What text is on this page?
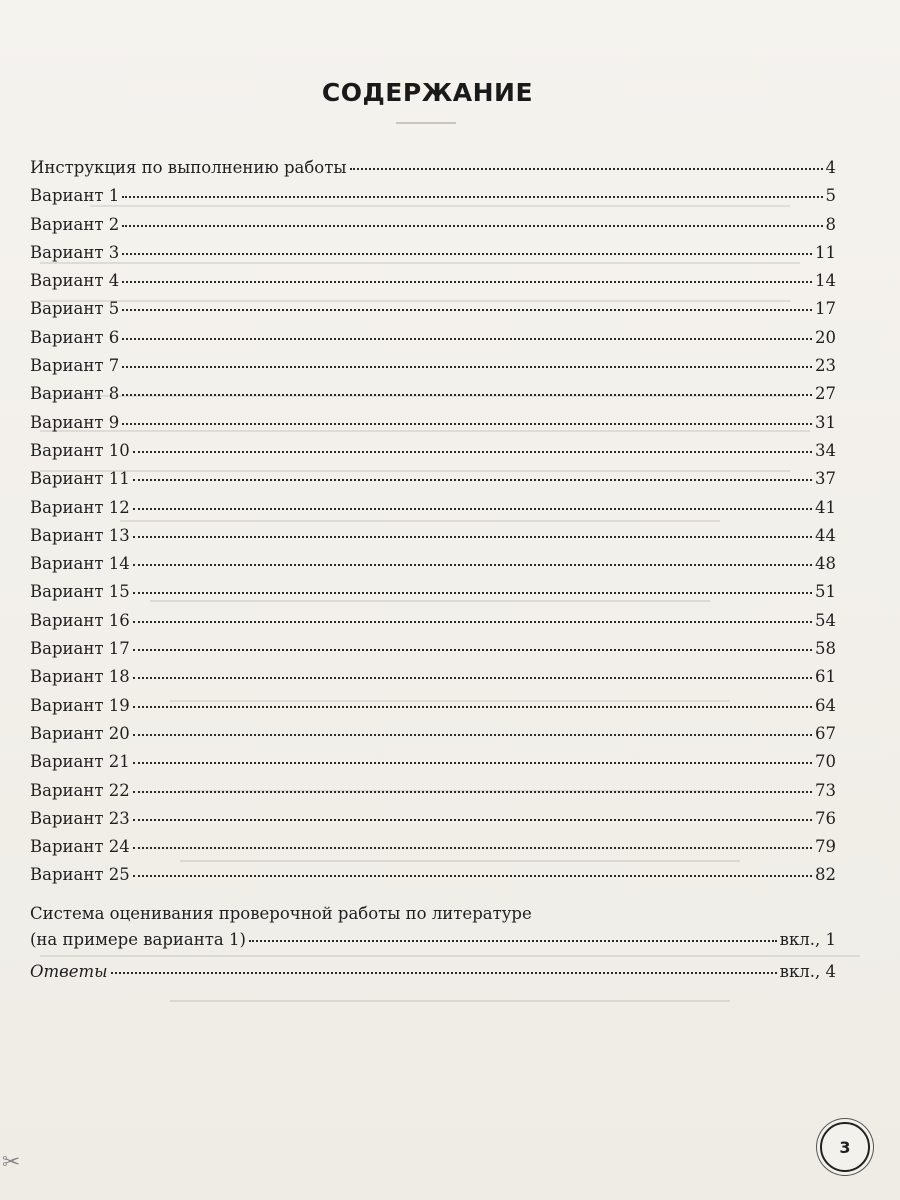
СОДЕРЖАНИЕ
Инструкция по выполнению работы	4
Вариант 1	5
Вариант 2	8
Вариант 3	11
Вариант 4	14
Вариант 5	17
Вариант 6	20
Вариант 7	23
Вариант 8	27
Вариант 9	31
Вариант 10	34
Вариант 11	37
Вариант 12	41
Вариант 13	44
Вариант 14	48
Вариант 15	51
Вариант 16	54
Вариант 17	58
Вариант 18	61
Вариант 19	64
Вариант 20	67
Вариант 21	70
Вариант 22	73
Вариант 23	76
Вариант 24	79
Вариант 25	82
Система оценивания проверочной работы по литературе
(на примере варианта 1)	вкл., 1
Ответы	вкл., 4
3
✂
